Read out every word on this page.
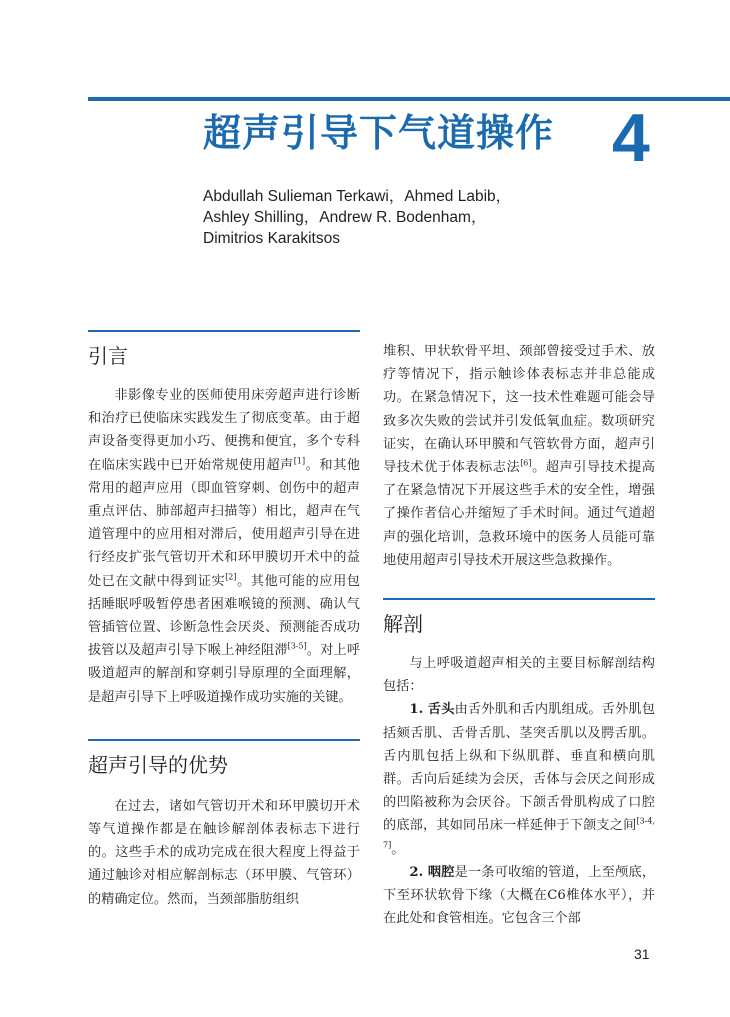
超声引导下气道操作 4
Abdullah Sulieman Terkawi，Ahmed Labib，
Ashley Shilling，Andrew R. Bodenham，
Dimitrios Karakitsos
引言

非影像专业的医师使用床旁超声进行诊断和治疗已使临床实践发生了彻底变革。由于超声设备变得更加小巧、便携和便宜，多个专科在临床实践中已开始常规使用超声[1]。和其他常用的超声应用（即血管穿刺、创伤中的超声重点评估、肺部超声扫描等）相比，超声在气道管理中的应用相对滞后，使用超声引导在进行经皮扩张气管切开术和环甲膜切开术中的益处已在文献中得到证实[2]。其他可能的应用包括睡眠呼吸暂停患者困难喉镜的预测、确认气管插管位置、诊断急性会厌炎、预测能否成功拔管以及超声引导下喉上神经阻滞[3-5]。对上呼吸道超声的解剖和穿刺引导原理的全面理解，是超声引导下上呼吸道操作成功实施的关键。

超声引导的优势

在过去，诸如气管切开术和环甲膜切开术等气道操作都是在触诊解剖体表标志下进行的。这些手术的成功完成在很大程度上得益于通过触诊对相应解剖标志（环甲膜、气管环）的精确定位。然而，当颈部脂肪组织

堆积、甲状软骨平坦、颈部曾接受过手术、放疗等情况下，指示触诊体表标志并非总能成功。在紧急情况下，这一技术性难题可能会导致多次失败的尝试并引发低氧血症。数项研究证实，在确认环甲膜和气管软骨方面，超声引导技术优于体表标志法[6]。超声引导技术提高了在紧急情况下开展这些手术的安全性，增强了操作者信心并缩短了手术时间。通过气道超声的强化培训，急救环境中的医务人员能可靠地使用超声引导技术开展这些急救操作。

解剖

与上呼吸道超声相关的主要目标解剖结构包括：

1. 舌头由舌外肌和舌内肌组成。舌外肌包括颏舌肌、舌骨舌肌、茎突舌肌以及腭舌肌。舌内肌包括上纵和下纵肌群、垂直和横向肌群。舌向后延续为会厌，舌体与会厌之间形成的凹陷被称为会厌谷。下颌舌骨肌构成了口腔的底部，其如同吊床一样延伸于下颌支之间[3-4, 7]。

2. 咽腔是一条可收缩的管道，上至颅底，下至环状软骨下缘（大概在C6椎体水平），并在此处和食管相连。它包含三个部

31
